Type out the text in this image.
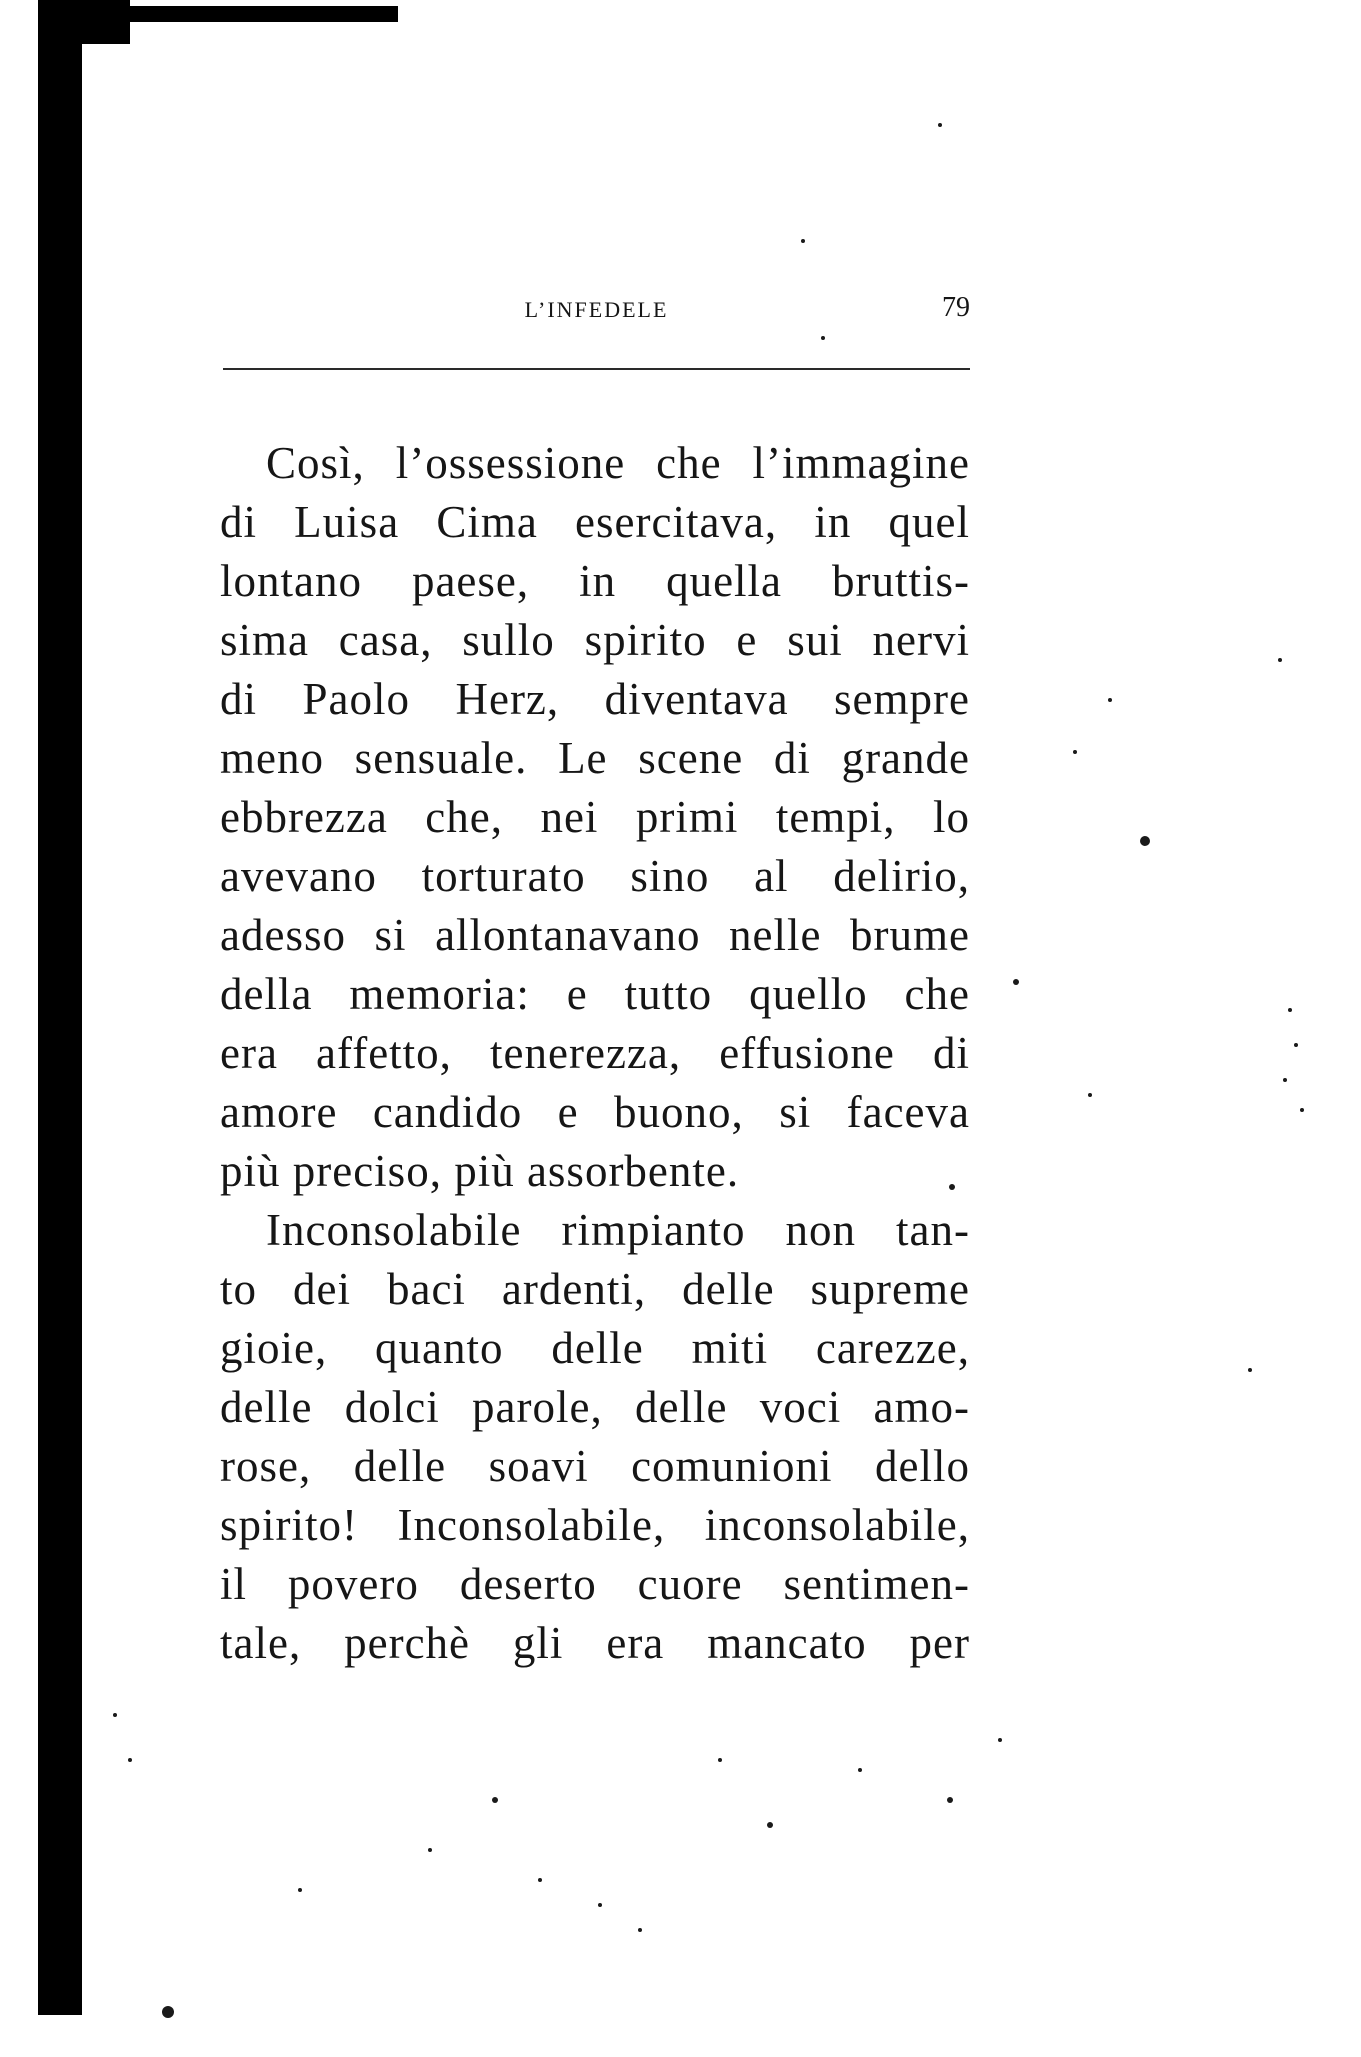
L’INFEDELE	79
Così, l’ossessione che l’immagine
di Luisa Cima esercitava, in quel
lontano paese, in quella bruttis-
sima casa, sullo spirito e sui nervi
di Paolo Herz, diventava sempre
meno sensuale. Le scene di grande
ebbrezza che, nei primi tempi, lo
avevano torturato sino al delirio,
adesso si allontanavano nelle brume
della memoria: e tutto quello che
era affetto, tenerezza, effusione di
amore candido e buono, si faceva
più preciso, più assorbente.
Inconsolabile rimpianto non tan-
to dei baci ardenti, delle supreme
gioie, quanto delle miti carezze,
delle dolci parole, delle voci amo-
rose, delle soavi comunioni dello
spirito! Inconsolabile, inconsolabile,
il povero deserto cuore sentimen-
tale, perchè gli era mancato per
